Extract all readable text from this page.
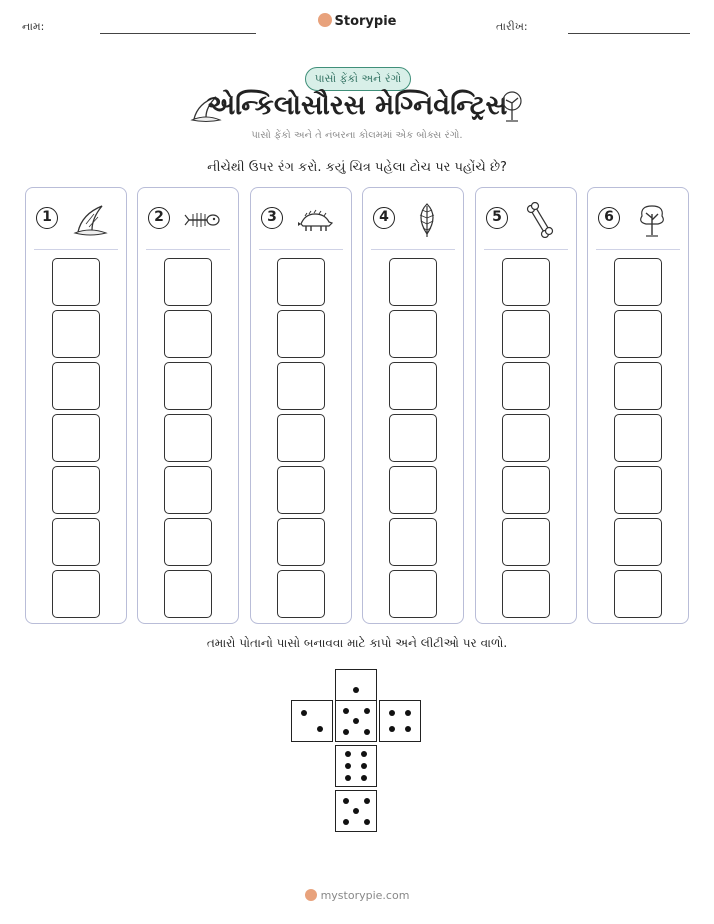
નામ:	Storypie	તારીખ:
પાસો ફેંકો અને રંગો
એન્કિલોસૌરસ મેગ્નિવેન્ટ્રિસ
પાસો ફેંકો અને તે નંબરના કોલમમાં એક બોક્સ રંગો.
નીચેથી ઉપર રંગ કરો. કયું ચિત્ર પહેલા ટોચ પર પહોંચે છે?
1	2	3	4	5	6
તમારો પોતાનો પાસો બનાવવા માટે કાપો અને લીટીઓ પર વાળો.
mystorypie.com
